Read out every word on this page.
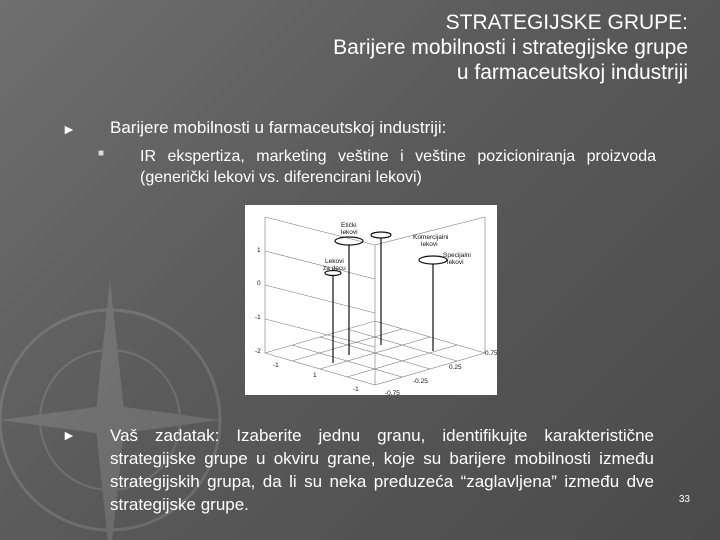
STRATEGIJSKE GRUPE:
Barijere mobilnosti i strategijske grupe
u farmaceutskoj industriji
► Barijere mobilnosti u farmaceutskoj industriji:
■ IR ekspertiza, marketing veštine i veštine pozicioniranja proizvoda (generički lekovi vs. diferencirani lekovi)
Etički
lekovi
Komercijalni
lekovi
Lekovi
za decu
Specijalni
lekovi
1
0
-1
-2
-1
1
0.75
0.25
-0.25
-0.75
-1
► Vaš zadatak: Izaberite jednu granu, identifikujte karakteristične strategijske grupe u okviru grane, koje su barijere mobilnosti između strategijskih grupa, da li su neka preduzeća “zaglavljena” između dve strategijske grupe.	33
